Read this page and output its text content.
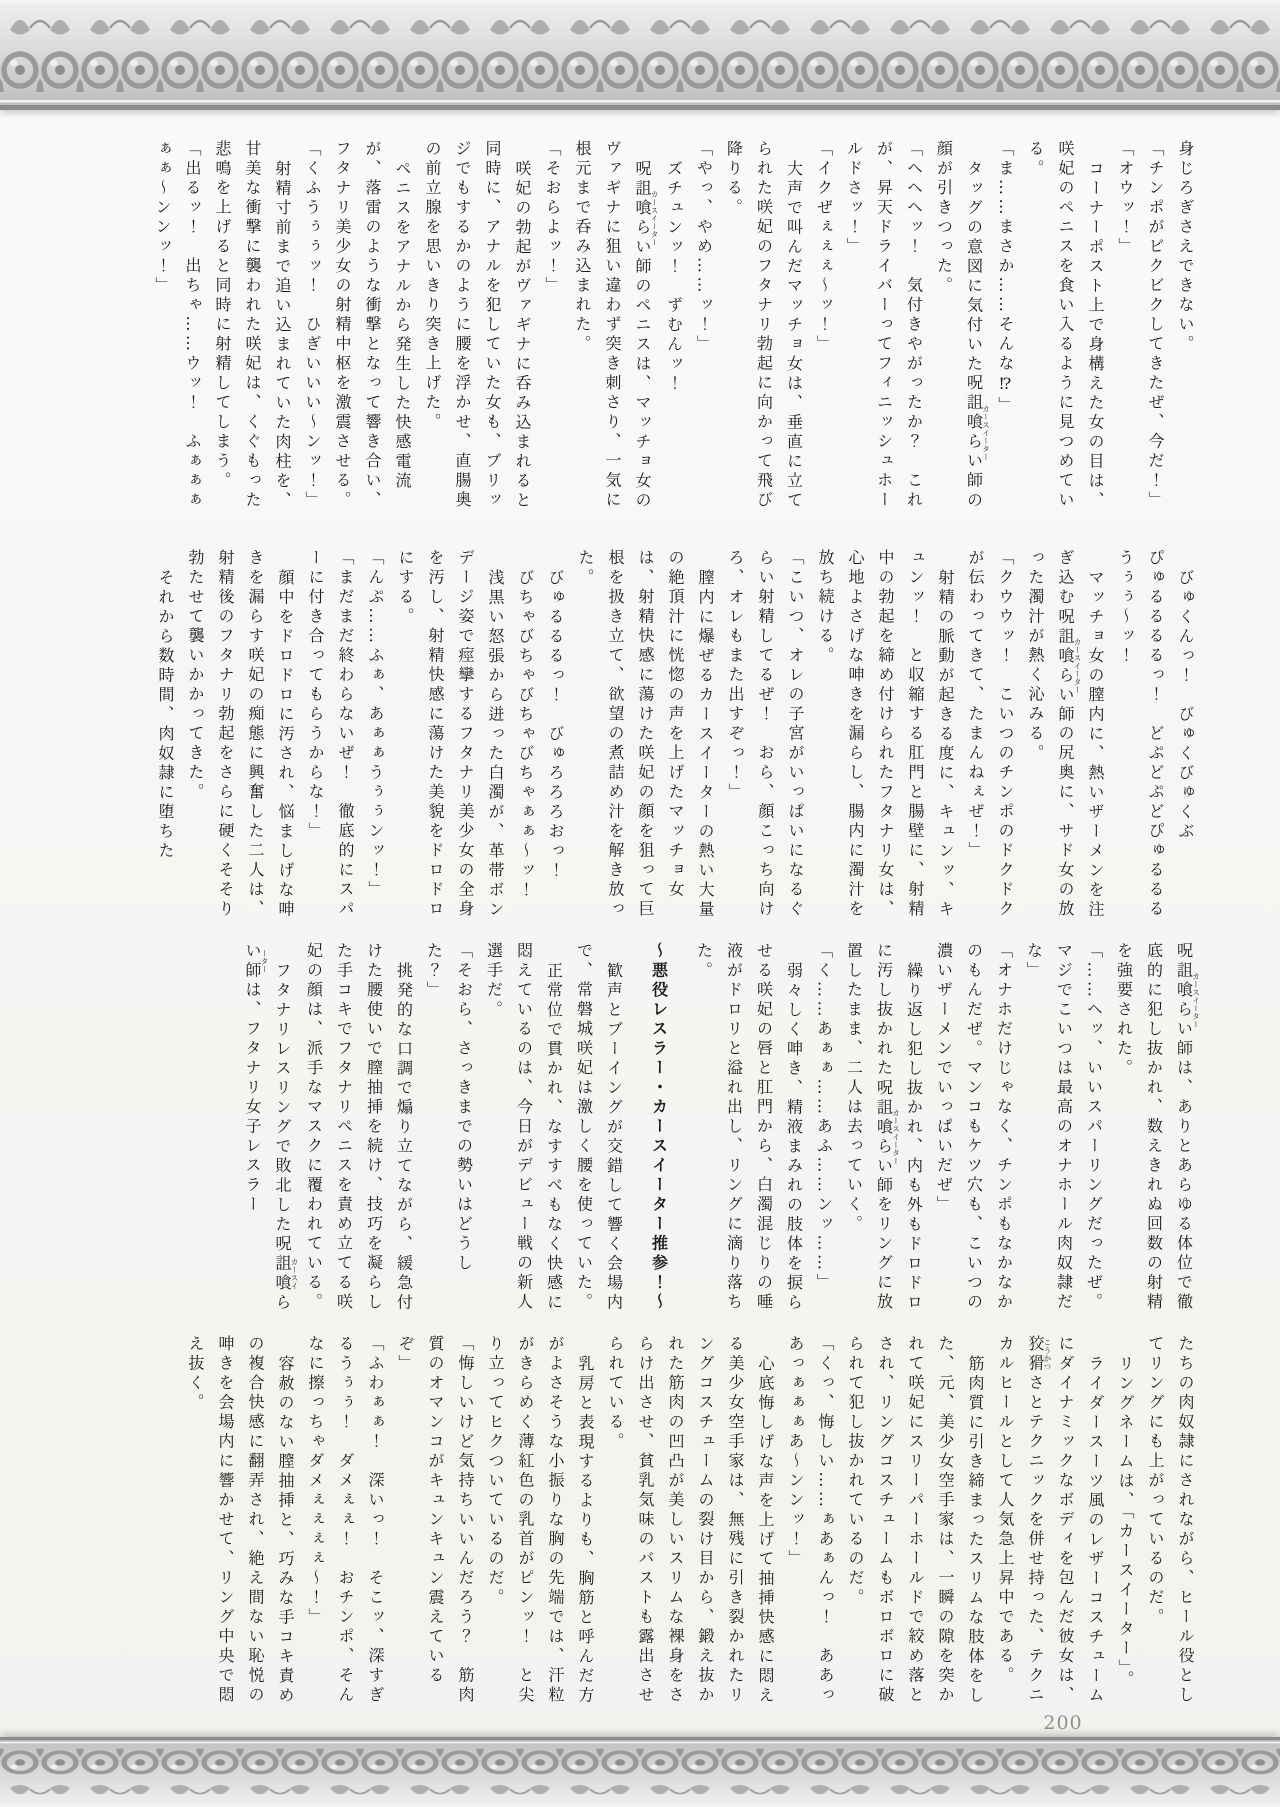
身じろぎさえできない。

「チンポがビクビクしてきたぜ、今だ！」

「オウッ！」

コーナーポスト上で身構えた女の目は、咲妃のペニスを食い入るように見つめている。

「ま……まさか……そんな⁉」

タッグの意図に気付いた呪詛喰らい師カースイーターの顔が引きつった。

「ヘヘヘッ！　気付きやがったか？　これが、昇天ドライバーってフィニッシュホールドさッ！」

「イクぜぇぇぇ～ッ！」

大声で叫んだマッチョ女は、垂直に立てられた咲妃のフタナリ勃起に向かって飛び降りる。

「やっ、やめ……ッ！」

ズチュンッ！　ずむんッ！

呪詛喰らい師カースイーターのペニスは、マッチョ女のヴァギナに狙い違わず突き刺さり、一気に根元まで呑み込まれた。

「そおらよッ！」

咲妃の勃起がヴァギナに呑み込まれると同時に、アナルを犯していた女も、ブリッジでもするかのように腰を浮かせ、直腸奥の前立腺を思いきり突き上げた。

ペニスをアナルから発生した快感電流が、落雷のような衝撃となって響き合い、フタナリ美少女の射精中枢を激震させる。

「くふうぅぅッ！　ひぎいいい～ンッ！」

射精寸前まで追い込まれていた肉柱を、甘美な衝撃に襲われた咲妃は、くぐもった悲鳴を上げると同時に射精してしまう。

「出るッ！　出ちゃ……ウッ！　ふぁぁぁぁぁ～ンンッ！」

びゅくんっ！　びゅくびゅくぶ

ぴゅるるるるっ！　どぷどぷどぴゅるるるうぅぅ～ッ！

マッチョ女の膣内に、熱いザーメンを注ぎ込む呪詛喰らい師カースイーターの尻奥に、サド女の放った濁汁が熱く沁みる。

「クウウッ！　こいつのチンポのドクドクが伝わってきて、たまんねぇぜ！」

射精の脈動が起きる度に、キュンッ、キュンッ！　と収縮する肛門と腸壁に、射精中の勃起を締め付けられたフタナリ女は、心地よさげな呻きを漏らし、腸内に濁汁を放ち続ける。

「こいつ、オレの子宮がいっぱいになるぐらい射精してるぜ！　おら、顔こっち向けろ、オレもまた出すぞっ！」

膣内に爆ぜるカースイーターの熱い大量の絶頂汁に恍惚の声を上げたマッチョ女は、射精快感に蕩けた咲妃の顔を狙って巨根を扱き立て、欲望の煮詰め汁を解き放った。

びゅるるるっ！　びゅろろろおっ！

びちゃびちゃびちゃびちゃぁぁ～ッ！

浅黒い怒張から迸った白濁が、革帯ボンデージ姿で痙攣するフタナリ美少女の全身を汚し、射精快感に蕩けた美貌をドロドロにする。

「んぷ……ふぁ、あぁぁうぅぅンッ！」

「まだまだ終わらないぜ！　徹底的にスパーに付き合ってもらうからな！」

顔中をドロドロに汚され、悩ましげな呻きを漏らす咲妃の痴態に興奮した二人は、射精後のフタナリ勃起をさらに硬くそそり勃たせて襲いかかってきた。

それから数時間、肉奴隷に堕ちた

呪詛喰らい師カースイーターは、ありとあらゆる体位で徹底的に犯し抜かれ、数えきれぬ回数の射精を強要された。

「……ヘッ、いいスパーリングだったぜ。マジでこいつは最高のオナホール肉奴隷だな」

「オナホだけじゃなく、チンポもなかなかのもんだぜ。マンコもケツ穴も、こいつの濃いザーメンでいっぱいだぜ」

繰り返し犯し抜かれ、内も外もドロドロに汚し抜かれた呪詛喰らい師カースイーターをリングに放置したまま、二人は去っていく。

「く……あぁぁ……あふ……ンッ……」

弱々しく呻き、精液まみれの肢体を捩らせる咲妃の唇と肛門から、白濁混じりの唾液がドロリと溢れ出し、リングに滴り落ちた。

～悪役レスラー・カースイーター推参！～

歓声とブーイングが交錯して響く会場内で、常磐城咲妃は激しく腰を使っていた。

正常位で貫かれ、なすすべもなく快感に悶えているのは、今日がデビュー戦の新人選手だ。

「そおら、さっきまでの勢いはどうした？」

挑発的な口調で煽り立てながら、緩急付けた腰使いで膣抽挿を続け、技巧を凝らした手コキでフタナリペニスを責め立てる咲妃の顔は、派手なマスクに覆われている。

フタナリレスリングで敗北した呪詛喰らい師カースイーターは、フタナリ女子レスラー

たちの肉奴隷にされながら、ヒール役としてリングにも上がっているのだ。

リングネームは、「カースイーター」。

ライダースーツ風のレザーコスチュームにダイナミックなボディを包んだ彼女は、狡猾こうかつさとテクニックを併せ持った、テクニカルヒールとして人気急上昇中である。

筋肉質に引き締まったスリムな肢体をした、元、美少女空手家は、一瞬の隙を突かれて咲妃にスリーパーホールドで絞め落とされ、リングコスチュームもボロボロに破られて犯し抜かれているのだ。

「くっ、悔しい……ぁあぁんっ！　ああっあっぁぁぁあ～ンンッ！」

心底悔しげな声を上げて抽挿快感に悶える美少女空手家は、無残に引き裂かれたリングコスチュームの裂け目から、鍛え抜かれた筋肉の凹凸が美しいスリムな裸身をさらけ出させ、貧乳気味のバストも露出させられている。

乳房と表現するよりも、胸筋と呼んだ方がよさそうな小振りな胸の先端では、汗粒がきらめく薄紅色の乳首がピンッ！　と尖り立ってヒクついているのだ。

「悔しいけど気持ちいいんだろう？　筋肉質のオマンコがキュンキュン震えているぞ」

「ふわぁぁ！　深いっ！　そこッ、深すぎるうぅぅ！　ダメぇぇ！　おチンポ、そんなに擦っちゃダメぇぇぇぇ～！」

容赦のない膣抽挿と、巧みな手コキ責めの複合快感に翻弄され、絶え間ない恥悦の呻きを会場内に響かせて、リング中央で悶え抜く。

200
